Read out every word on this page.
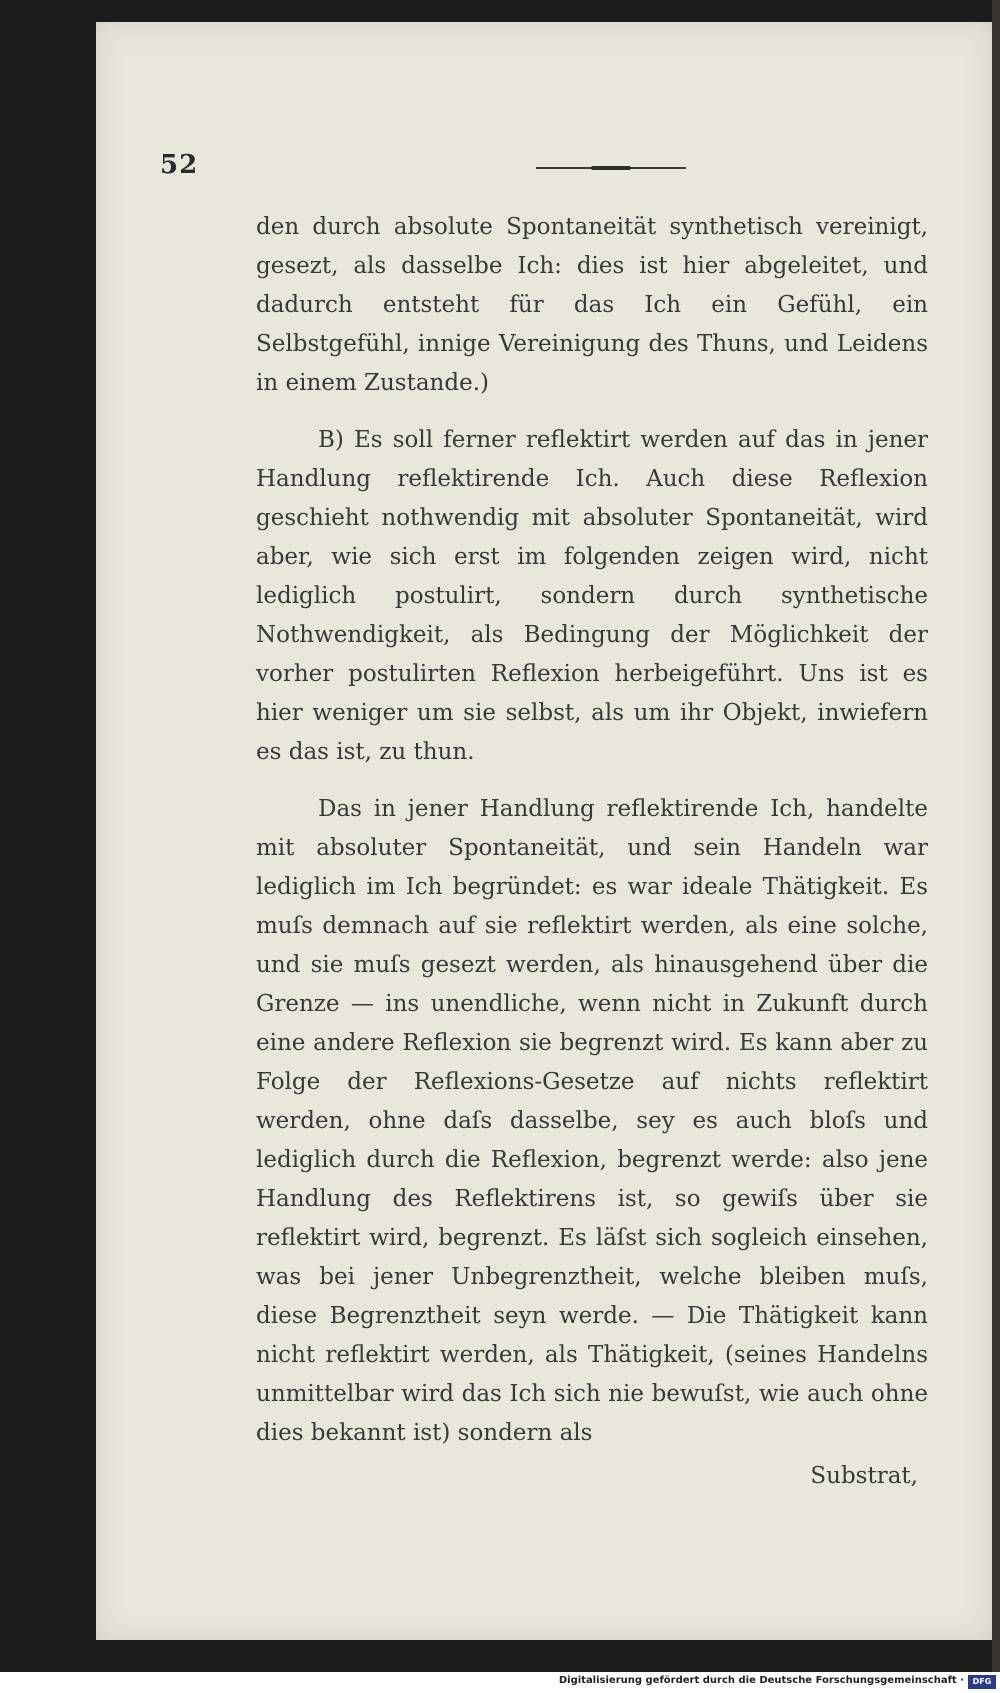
52

den durch absolute Spontaneität synthetisch vereinigt, gesezt, als dasselbe Ich: dies ist hier abgeleitet, und dadurch entsteht für das Ich ein Gefühl, ein Selbstgefühl, innige Vereinigung des Thuns, und Leidens in einem Zustande.)

B) Es soll ferner reflektirt werden auf das in jener Handlung reflektirende Ich. Auch diese Reflexion geschieht nothwendig mit absoluter Spontaneität, wird aber, wie sich erst im folgenden zeigen wird, nicht lediglich postulirt, sondern durch synthetische Nothwendigkeit, als Bedingung der Möglichkeit der vorher postulirten Reflexion herbeigeführt. Uns ist es hier weniger um sie selbst, als um ihr Objekt, inwiefern es das ist, zu thun.

Das in jener Handlung reflektirende Ich, handelte mit absoluter Spontaneität, und sein Handeln war lediglich im Ich begründet: es war ideale Thätigkeit. Es muſs demnach auf sie reflektirt werden, als eine solche, und sie muſs gesezt werden, als hinausgehend über die Grenze — ins unendliche, wenn nicht in Zukunft durch eine andere Reflexion sie begrenzt wird. Es kann aber zu Folge der Reflexions-Gesetze auf nichts reflektirt werden, ohne daſs dasselbe, sey es auch bloſs und lediglich durch die Reflexion, begrenzt werde: also jene Handlung des Reflektirens ist, so gewiſs über sie reflektirt wird, begrenzt. Es läſst sich sogleich einsehen, was bei jener Unbegrenztheit, welche bleiben muſs, diese Begrenztheit seyn werde. — Die Thätigkeit kann nicht reflektirt werden, als Thätigkeit, (seines Handelns unmittelbar wird das Ich sich nie bewuſst, wie auch ohne dies bekannt ist) sondern als

Substrat,
Digitalisierung gefördert durch die Deutsche Forschungsgemeinschaft ·	DFG
